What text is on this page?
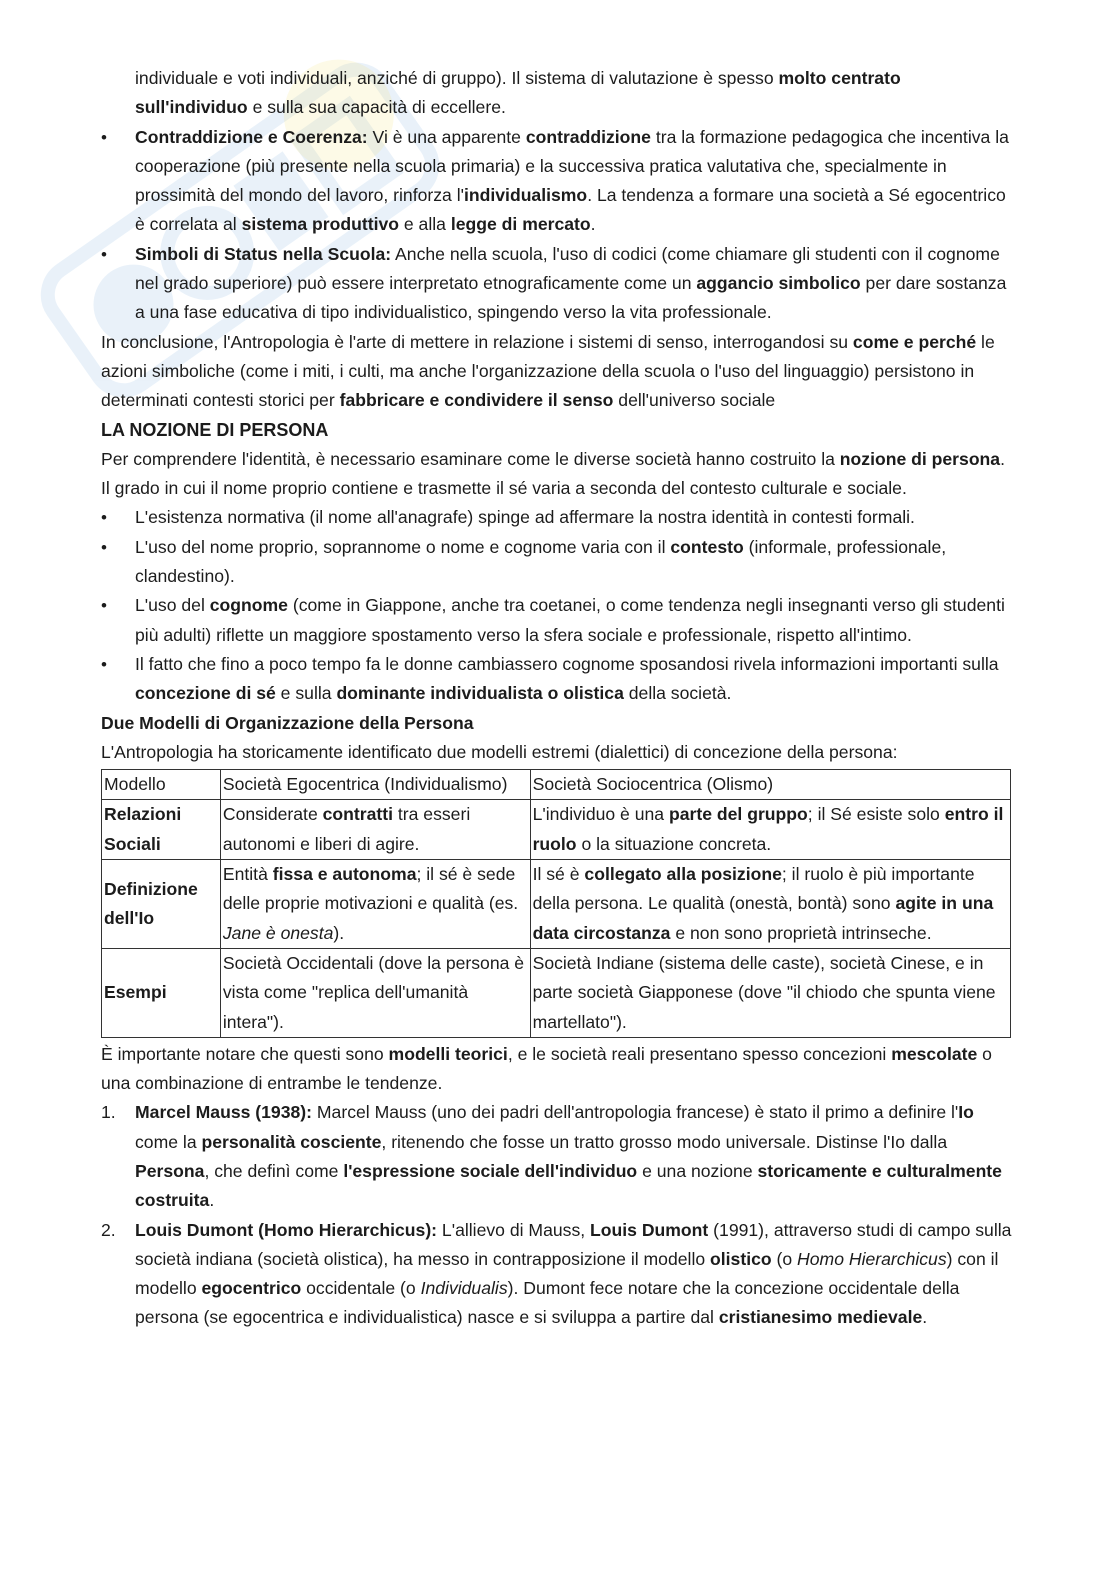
individuale e voti individuali, anziché di gruppo). Il sistema di valutazione è spesso molto centrato sull'individuo e sulla sua capacità di eccellere.

• Contraddizione e Coerenza: Vi è una apparente contraddizione tra la formazione pedagogica che incentiva la cooperazione (più presente nella scuola primaria) e la successiva pratica valutativa che, specialmente in prossimità del mondo del lavoro, rinforza l'individualismo. La tendenza a formare una società a Sé egocentrico è correlata al sistema produttivo e alla legge di mercato.
• Simboli di Status nella Scuola: Anche nella scuola, l'uso di codici (come chiamare gli studenti con il cognome nel grado superiore) può essere interpretato etnograficamente come un aggancio simbolico per dare sostanza a una fase educativa di tipo individualistico, spingendo verso la vita professionale.

In conclusione, l'Antropologia è l'arte di mettere in relazione i sistemi di senso, interrogandosi su come e perché le azioni simboliche (come i miti, i culti, ma anche l'organizzazione della scuola o l'uso del linguaggio) persistono in determinati contesti storici per fabbricare e condividere il senso dell'universo sociale

LA NOZIONE DI PERSONA

Per comprendere l'identità, è necessario esaminare come le diverse società hanno costruito la nozione di persona.

Il grado in cui il nome proprio contiene e trasmette il sé varia a seconda del contesto culturale e sociale.

• L'esistenza normativa (il nome all'anagrafe) spinge ad affermare la nostra identità in contesti formali.
• L'uso del nome proprio, soprannome o nome e cognome varia con il contesto (informale, professionale, clandestino).
• L'uso del cognome (come in Giappone, anche tra coetanei, o come tendenza negli insegnanti verso gli studenti più adulti) riflette un maggiore spostamento verso la sfera sociale e professionale, rispetto all'intimo.
• Il fatto che fino a poco tempo fa le donne cambiassero cognome sposandosi rivela informazioni importanti sulla concezione di sé e sulla dominante individualista o olistica della società.

Due Modelli di Organizzazione della Persona

L'Antropologia ha storicamente identificato due modelli estremi (dialettici) di concezione della persona:

Modello	Società Egocentrica (Individualismo)	Società Sociocentrica (Olismo)
Relazioni Sociali	Considerate contratti tra esseri autonomi e liberi di agire.	L'individuo è una parte del gruppo; il Sé esiste solo entro il ruolo o la situazione concreta.
Definizione dell'Io	Entità fissa e autonoma; il sé è sede delle proprie motivazioni e qualità (es. Jane è onesta).	Il sé è collegato alla posizione; il ruolo è più importante della persona. Le qualità (onestà, bontà) sono agite in una data circostanza e non sono proprietà intrinseche.
Esempi	Società Occidentali (dove la persona è vista come "replica dell'umanità intera").	Società Indiane (sistema delle caste), società Cinese, e in parte società Giapponese (dove "il chiodo che spunta viene martellato").

È importante notare che questi sono modelli teorici, e le società reali presentano spesso concezioni mescolate o una combinazione di entrambe le tendenze.

1. Marcel Mauss (1938): Marcel Mauss (uno dei padri dell'antropologia francese) è stato il primo a definire l'Io come la personalità cosciente, ritenendo che fosse un tratto grosso modo universale. Distinse l'Io dalla Persona, che definì come l'espressione sociale dell'individuo e una nozione storicamente e culturalmente costruita.
2. Louis Dumont (Homo Hierarchicus): L'allievo di Mauss, Louis Dumont (1991), attraverso studi di campo sulla società indiana (società olistica), ha messo in contrapposizione il modello olistico (o Homo Hierarchicus) con il modello egocentrico occidentale (o Individualis). Dumont fece notare che la concezione occidentale della persona (se egocentrica e individualistica) nasce e si sviluppa a partire dal cristianesimo medievale.
